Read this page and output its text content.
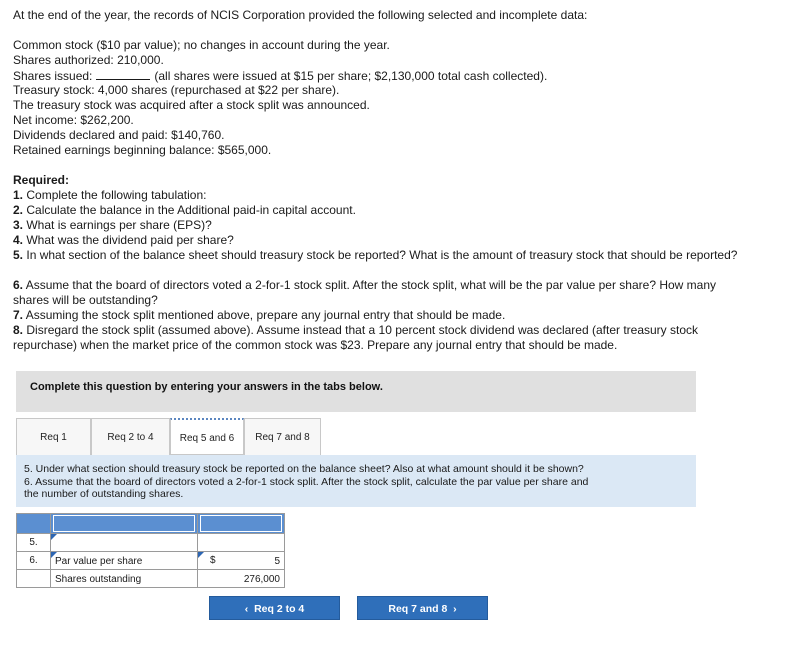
At the end of the year, the records of NCIS Corporation provided the following selected and incomplete data:
Common stock ($10 par value); no changes in account during the year.
Shares authorized: 210,000.
Shares issued:	(all shares were issued at $15 per share; $2,130,000 total cash collected).
Treasury stock: 4,000 shares (repurchased at $22 per share).
The treasury stock was acquired after a stock split was announced.
Net income: $262,200.
Dividends declared and paid: $140,760.
Retained earnings beginning balance: $565,000.
Required:
1. Complete the following tabulation:
2. Calculate the balance in the Additional paid-in capital account.
3. What is earnings per share (EPS)?
4. What was the dividend paid per share?
5. In what section of the balance sheet should treasury stock be reported? What is the amount of treasury stock that should be reported?
6. Assume that the board of directors voted a 2-for-1 stock split. After the stock split, what will be the par value per share? How many shares will be outstanding?
7. Assuming the stock split mentioned above, prepare any journal entry that should be made.
8. Disregard the stock split (assumed above). Assume instead that a 10 percent stock dividend was declared (after treasury stock repurchase) when the market price of the common stock was $23. Prepare any journal entry that should be made.
Complete this question by entering your answers in the tabs below.
Req 1	Req 2 to 4	Req 5 and 6	Req 7 and 8
5. Under what section should treasury stock be reported on the balance sheet? Also at what amount should it be shown?
6. Assume that the board of directors voted a 2-for-1 stock split. After the stock split, calculate the par value per share and
the number of outstanding shares.

5.	

6.	Par value per share	$ 5

	Shares outstanding	276,000
‹ Req 2 to 4	Req 7 and 8 ›
